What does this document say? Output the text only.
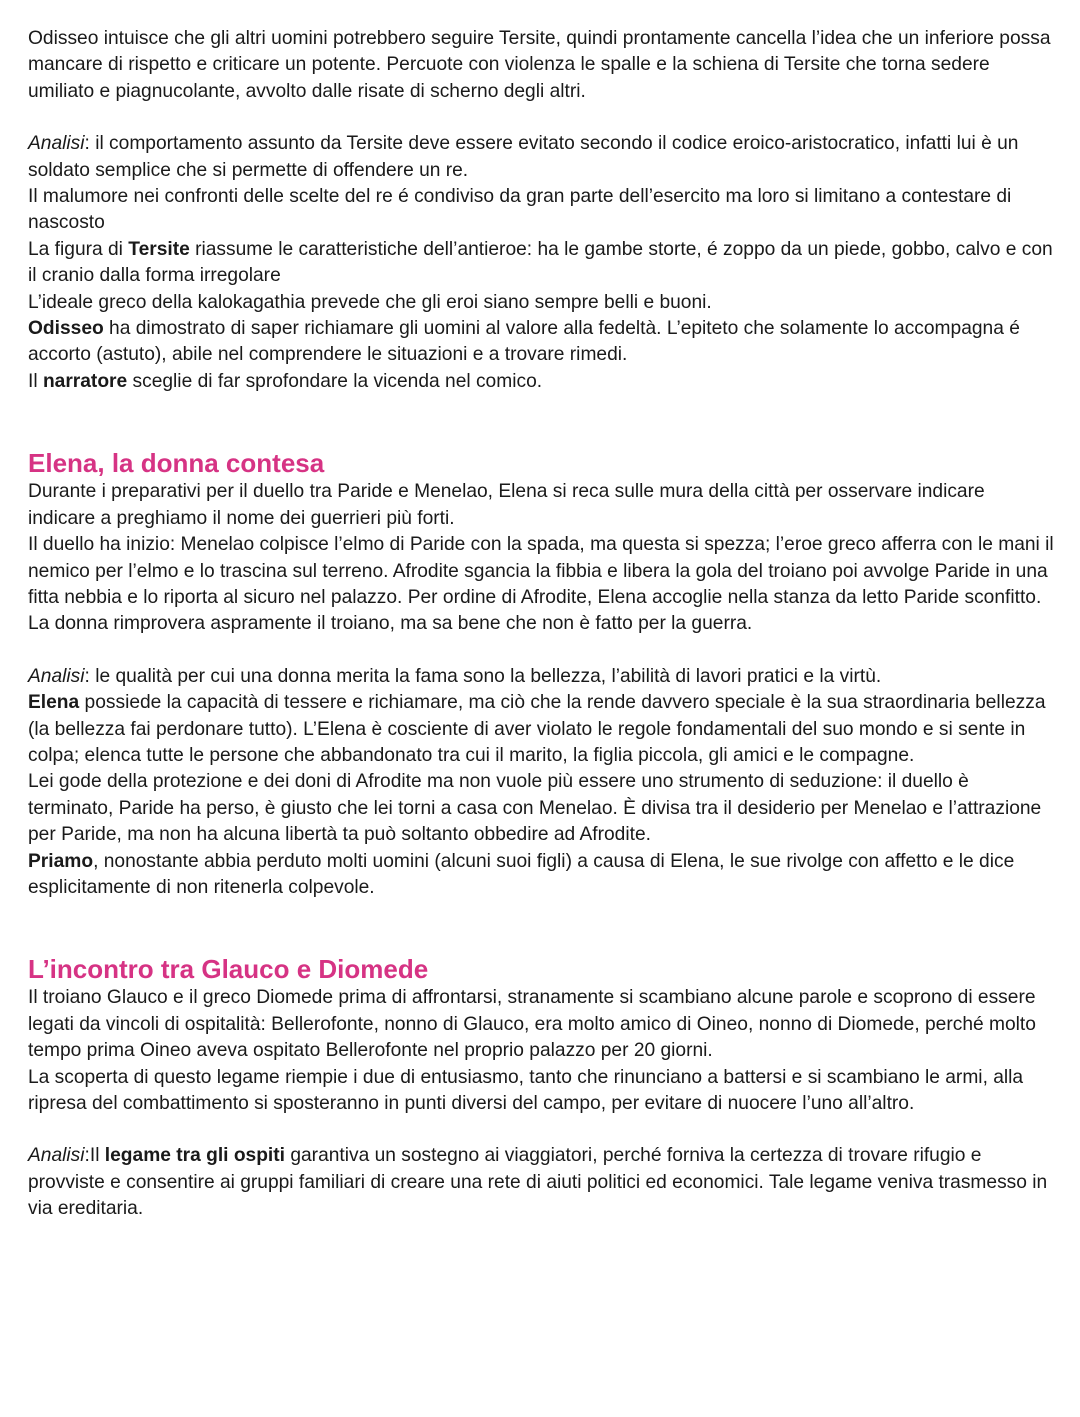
Odisseo intuisce che gli altri uomini potrebbero seguire Tersite, quindi prontamente cancella l’idea che un inferiore possa mancare di rispetto e criticare un potente. Percuote con violenza le spalle e la schiena di Tersite che torna sedere umiliato e piagnucolante, avvolto dalle risate di scherno degli altri.

Analisi: il comportamento assunto da Tersite deve essere evitato secondo il codice eroico-aristocratico, infatti lui è un soldato semplice che si permette di offendere un re.

Il malumore nei confronti delle scelte del re é condiviso da gran parte dell’esercito ma loro si limitano a contestare di nascosto

La figura di Tersite riassume le caratteristiche dell’antieroe: ha le gambe storte, é zoppo da un piede, gobbo, calvo e con il cranio dalla forma irregolare

L’ideale greco della kalokagathia prevede che gli eroi siano sempre belli e buoni.

Odisseo ha dimostrato di saper richiamare gli uomini al valore alla fedeltà. L’epiteto che solamente lo accompagna é accorto (astuto), abile nel comprendere le situazioni e a trovare rimedi.

Il narratore sceglie di far sprofondare la vicenda nel comico.

Elena, la donna contesa

Durante i preparativi per il duello tra Paride e Menelao, Elena si reca sulle mura della città per osservare indicare indicare a preghiamo il nome dei guerrieri più forti.

Il duello ha inizio: Menelao colpisce l’elmo di Paride con la spada, ma questa si spezza; l’eroe greco afferra con le mani il nemico per l’elmo e lo trascina sul terreno. Afrodite sgancia la fibbia e libera la gola del troiano poi avvolge Paride in una fitta nebbia e lo riporta al sicuro nel palazzo. Per ordine di Afrodite, Elena accoglie nella stanza da letto Paride sconfitto.

La donna rimprovera aspramente il troiano, ma sa bene che non è fatto per la guerra.

Analisi: le qualità per cui una donna merita la fama sono la bellezza, l’abilità di lavori pratici e la virtù.

Elena possiede la capacità di tessere e richiamare, ma ciò che la rende davvero speciale è la sua straordinaria bellezza (la bellezza fai perdonare tutto). L’Elena è cosciente di aver violato le regole fondamentali del suo mondo e si sente in colpa; elenca tutte le persone che abbandonato tra cui il marito, la figlia piccola, gli amici e le compagne.

Lei gode della protezione e dei doni di Afrodite ma non vuole più essere uno strumento di seduzione: il duello è terminato, Paride ha perso, è giusto che lei torni a casa con Menelao. È divisa tra il desiderio per Menelao e l’attrazione per Paride, ma non ha alcuna libertà ta può soltanto obbedire ad Afrodite.

Priamo, nonostante abbia perduto molti uomini (alcuni suoi figli) a causa di Elena, le sue rivolge con affetto e le dice esplicitamente di non ritenerla colpevole.

L’incontro tra Glauco e Diomede

Il troiano Glauco e il greco Diomede prima di affrontarsi, stranamente si scambiano alcune parole e scoprono di essere legati da vincoli di ospitalità: Bellerofonte, nonno di Glauco, era molto amico di Oineo, nonno di Diomede, perché molto tempo prima Oineo aveva ospitato Bellerofonte nel proprio palazzo per 20 giorni.

La scoperta di questo legame riempie i due di entusiasmo, tanto che rinunciano a battersi e si scambiano le armi, alla ripresa del combattimento si sposteranno in punti diversi del campo, per evitare di nuocere l’uno all’altro.

Analisi:Il legame tra gli ospiti garantiva un sostegno ai viaggiatori, perché forniva la certezza di trovare rifugio e provviste e consentire ai gruppi familiari di creare una rete di aiuti politici ed economici. Tale legame veniva trasmesso in via ereditaria.
